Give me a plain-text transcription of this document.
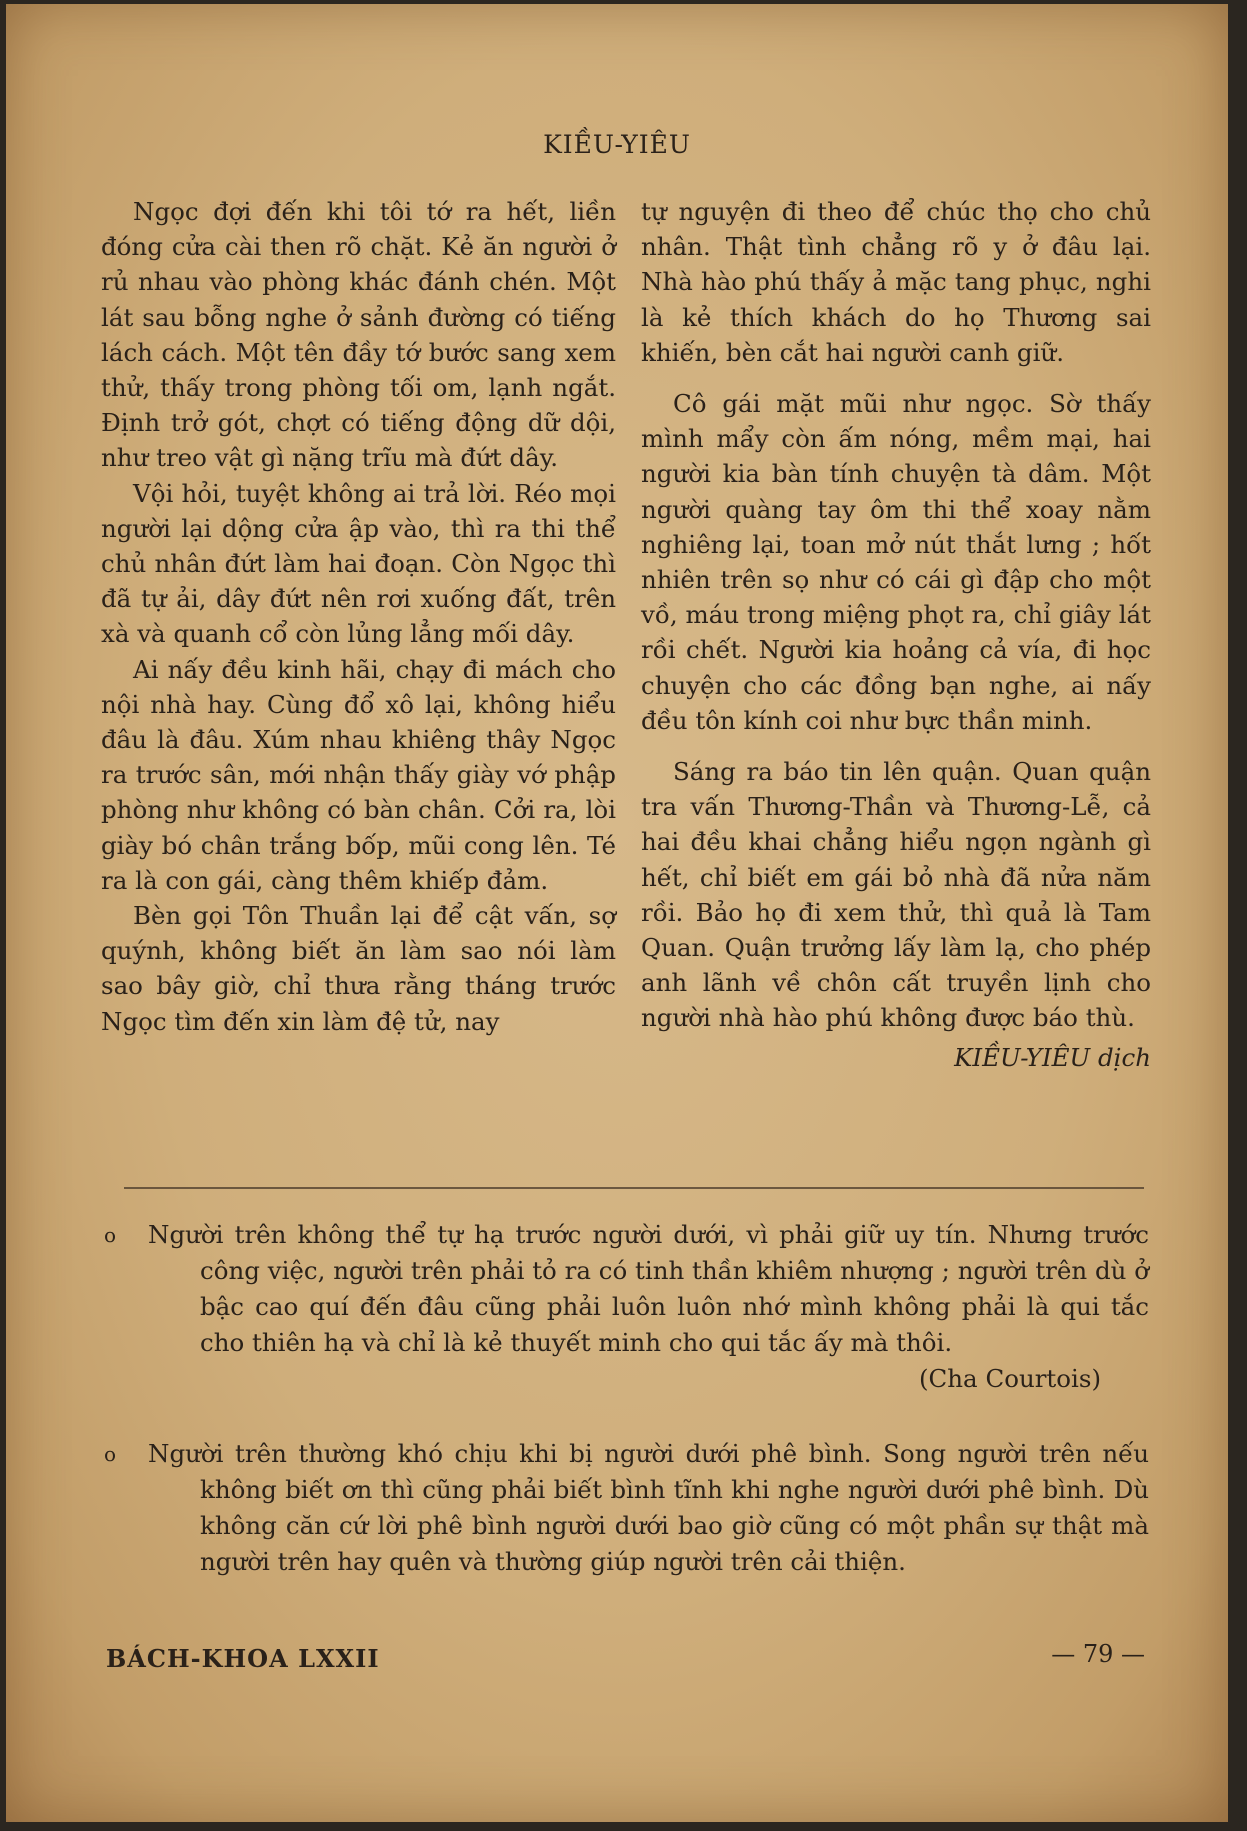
KIỀU-YIÊU

Ngọc đợi đến khi tôi tớ ra hết, liền đóng cửa cài then rõ chặt. Kẻ ăn người ở rủ nhau vào phòng khác đánh chén. Một lát sau bỗng nghe ở sảnh đường có tiếng lách cách. Một tên đầy tớ bước sang xem thử, thấy trong phòng tối om, lạnh ngắt. Định trở gót, chợt có tiếng động dữ dội, như treo vật gì nặng trĩu mà đứt dây.

Vội hỏi, tuyệt không ai trả lời. Réo mọi người lại dộng cửa ập vào, thì ra thi thể chủ nhân đứt làm hai đoạn. Còn Ngọc thì đã tự ải, dây đứt nên rơi xuống đất, trên xà và quanh cổ còn lủng lẳng mối dây.

Ai nấy đều kinh hãi, chạy đi mách cho nội nhà hay. Cùng đổ xô lại, không hiểu đâu là đâu. Xúm nhau khiêng thây Ngọc ra trước sân, mới nhận thấy giày vớ phập phòng như không có bàn chân. Cởi ra, lòi giày bó chân trắng bốp, mũi cong lên. Té ra là con gái, càng thêm khiếp đảm.

Bèn gọi Tôn Thuần lại để cật vấn, sợ quýnh, không biết ăn làm sao nói làm sao bây giờ, chỉ thưa rằng tháng trước Ngọc tìm đến xin làm đệ tử, nay

tự nguyện đi theo để chúc thọ cho chủ nhân. Thật tình chẳng rõ y ở đâu lại. Nhà hào phú thấy ả mặc tang phục, nghi là kẻ thích khách do họ Thương sai khiến, bèn cắt hai người canh giữ.

Cô gái mặt mũi như ngọc. Sờ thấy mình mẩy còn ấm nóng, mềm mại, hai người kia bàn tính chuyện tà dâm. Một người quàng tay ôm thi thể xoay nằm nghiêng lại, toan mở nút thắt lưng ; hốt nhiên trên sọ như có cái gì đập cho một vồ, máu trong miệng phọt ra, chỉ giây lát rồi chết. Người kia hoảng cả vía, đi học chuyện cho các đồng bạn nghe, ai nấy đều tôn kính coi như bực thần minh.

Sáng ra báo tin lên quận. Quan quận tra vấn Thương-Thần và Thương-Lễ, cả hai đều khai chẳng hiểu ngọn ngành gì hết, chỉ biết em gái bỏ nhà đã nửa năm rồi. Bảo họ đi xem thử, thì quả là Tam Quan. Quận trưởng lấy làm lạ, cho phép anh lãnh về chôn cất truyền lịnh cho người nhà hào phú không được báo thù.

KIỀU-YIÊU dịch

o	Người trên không thể tự hạ trước người dưới, vì phải giữ uy tín. Nhưng trước công việc, người trên phải tỏ ra có tinh thần khiêm nhượng ; người trên dù ở bậc cao quí đến đâu cũng phải luôn luôn nhớ mình không phải là qui tắc cho thiên hạ và chỉ là kẻ thuyết minh cho qui tắc ấy mà thôi.

(Cha Courtois)

o	Người trên thường khó chịu khi bị người dưới phê bình. Song người trên nếu không biết ơn thì cũng phải biết bình tĩnh khi nghe người dưới phê bình. Dù không căn cứ lời phê bình người dưới bao giờ cũng có một phần sự thật mà người trên hay quên và thường giúp người trên cải thiện.

BÁCH-KHOA LXXII	— 79 —
